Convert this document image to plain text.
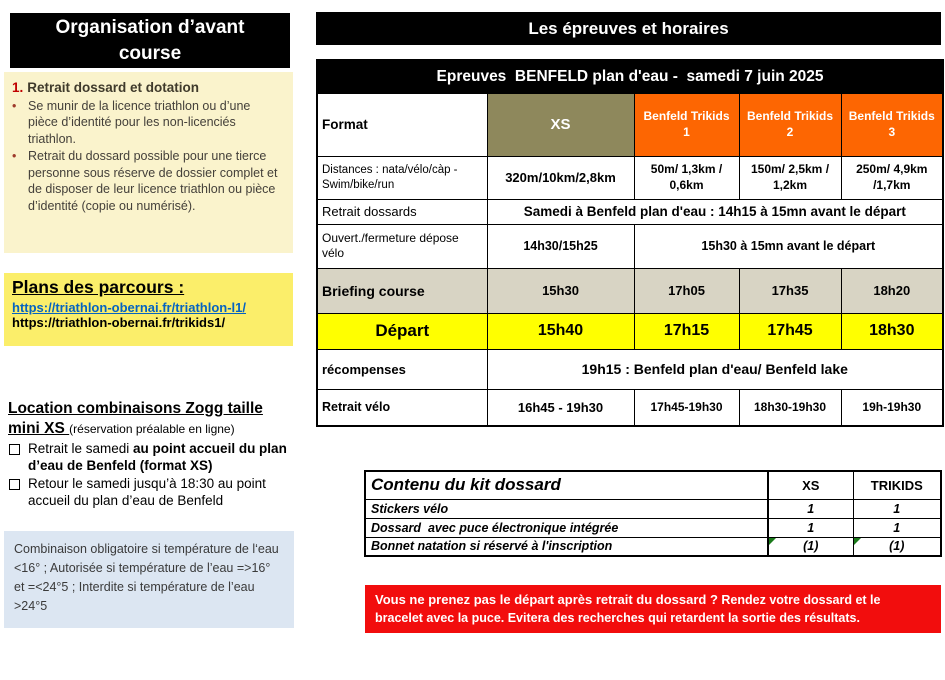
Organisation d’avant course
1. Retrait dossard et dotation
•
Se munir de la licence triathlon ou d’une pièce d’identité pour les non-licenciés triathlon.
•
Retrait du dossard possible pour une tierce personne sous réserve de dossier complet et de disposer de leur licence triathlon ou pièce d’identité (copie ou numérisé).
Plans des parcours :
https://triathlon-obernai.fr/triathlon-l1/
https://triathlon-obernai.fr/trikids1/
Location combinaisons Zogg taille mini XS (réservation préalable en ligne)
Retrait le samedi au point accueil du plan d’eau de Benfeld (format XS)
Retour le samedi jusqu’à 18:30 au point accueil du plan d’eau de Benfeld
Combinaison obligatoire si température de l‘eau <16° ; Autorisée si température de l’eau =>16° et =<24°5 ; Interdite si température de l’eau >24°5
Les épreuves et horaires
Epreuves  BENFELD plan d'eau -  samedi 7 juin 2025				
Format	XS	Benfeld Trikids 1	Benfeld Trikids 2	Benfeld Trikids 3
Distances : nata/vélo/càp - Swim/bike/run	320m/10km/2,8km	50m/ 1,3km / 0,6km	150m/ 2,5km / 1,2km	250m/ 4,9km /1,7km
Retrait dossards	Samedi à Benfeld plan d'eau : 14h15 à 15mn avant le départ			
Ouvert./fermeture dépose vélo	14h30/15h25	15h30 à 15mn avant le départ		
Briefing course	15h30	17h05	17h35	18h20
Départ	15h40	17h15	17h45	18h30
récompenses	19h15 : Benfeld plan d'eau/ Benfeld lake			
Retrait vélo	16h45 - 19h30	17h45-19h30	18h30-19h30	19h-19h30
Contenu du kit dossard	XS	TRIKIDS
Stickers vélo	1	1
Dossard  avec puce électronique intégrée	1	1
Bonnet natation si réservé à l'inscription	(1)	(1)
Vous ne prenez pas le départ après retrait du dossard ? Rendez votre dossard et le bracelet avec la puce. Evitera des recherches qui retardent la sortie des résultats.
